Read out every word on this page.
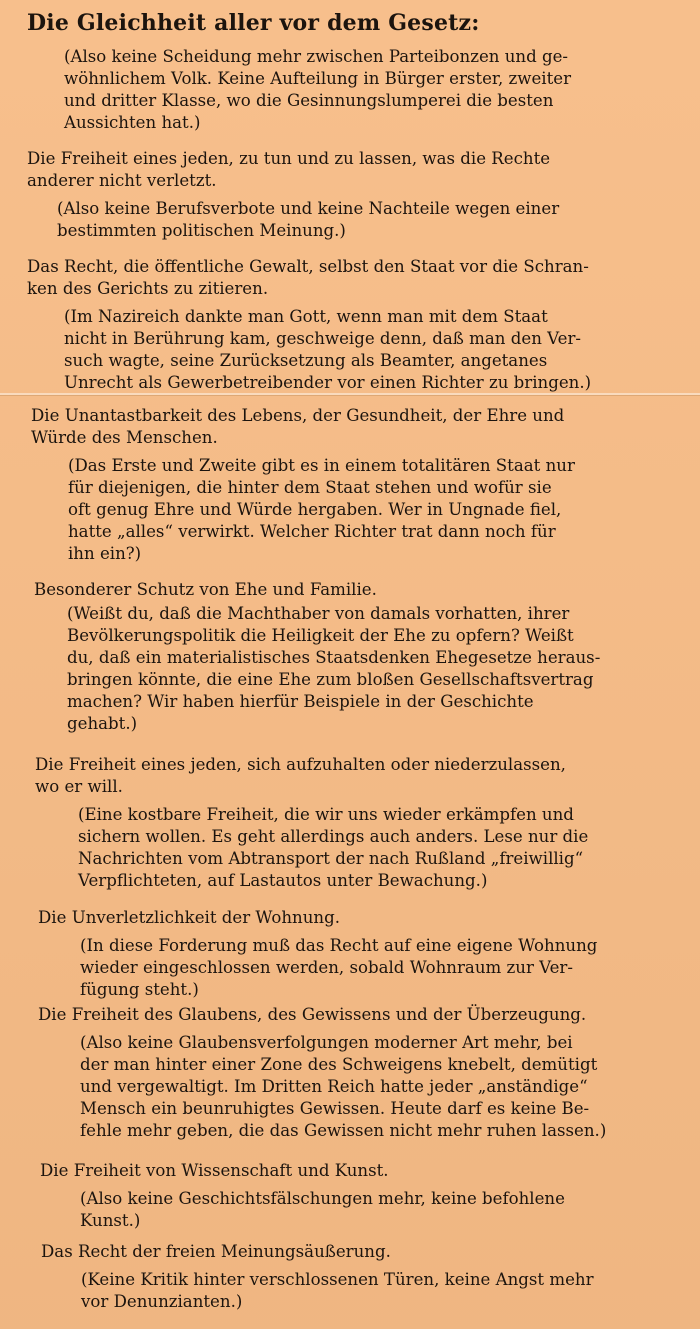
Die Gleichheit aller vor dem Gesetz:

(Also keine Scheidung mehr zwischen Parteibonzen und ge-
wöhnlichem Volk. Keine Aufteilung in Bürger erster, zweiter
und dritter Klasse, wo die Gesinnungslumperei die besten
Aussichten hat.)

Die Freiheit eines jeden, zu tun und zu lassen, was die Rechte
anderer nicht verletzt.

(Also keine Berufsverbote und keine Nachteile wegen einer
bestimmten politischen Meinung.)

Das Recht, die öffentliche Gewalt, selbst den Staat vor die Schran-
ken des Gerichts zu zitieren.

(Im Nazireich dankte man Gott, wenn man mit dem Staat
nicht in Berührung kam, geschweige denn, daß man den Ver-
such wagte, seine Zurücksetzung als Beamter, angetanes
Unrecht als Gewerbetreibender vor einen Richter zu bringen.)

Die Unantastbarkeit des Lebens, der Gesundheit, der Ehre und
Würde des Menschen.

(Das Erste und Zweite gibt es in einem totalitären Staat nur
für diejenigen, die hinter dem Staat stehen und wofür sie
oft genug Ehre und Würde hergaben. Wer in Ungnade fiel,
hatte „alles“ verwirkt. Welcher Richter trat dann noch für
ihn ein?)

Besonderer Schutz von Ehe und Familie.

(Weißt du, daß die Machthaber von damals vorhatten, ihrer
Bevölkerungspolitik die Heiligkeit der Ehe zu opfern? Weißt
du, daß ein materialistisches Staatsdenken Ehegesetze heraus-
bringen könnte, die eine Ehe zum bloßen Gesellschaftsvertrag
machen? Wir haben hierfür Beispiele in der Geschichte
gehabt.)

Die Freiheit eines jeden, sich aufzuhalten oder niederzulassen,
wo er will.

(Eine kostbare Freiheit, die wir uns wieder erkämpfen und
sichern wollen. Es geht allerdings auch anders. Lese nur die
Nachrichten vom Abtransport der nach Rußland „freiwillig“
Verpflichteten, auf Lastautos unter Bewachung.)

Die Unverletzlichkeit der Wohnung.

(In diese Forderung muß das Recht auf eine eigene Wohnung
wieder eingeschlossen werden, sobald Wohnraum zur Ver-
fügung steht.)

Die Freiheit des Glaubens, des Gewissens und der Überzeugung.

(Also keine Glaubensverfolgungen moderner Art mehr, bei
der man hinter einer Zone des Schweigens knebelt, demütigt
und vergewaltigt. Im Dritten Reich hatte jeder „anständige“
Mensch ein beunruhigtes Gewissen. Heute darf es keine Be-
fehle mehr geben, die das Gewissen nicht mehr ruhen lassen.)

Die Freiheit von Wissenschaft und Kunst.

(Also keine Geschichtsfälschungen mehr, keine befohlene
Kunst.)

Das Recht der freien Meinungsäußerung.

(Keine Kritik hinter verschlossenen Türen, keine Angst mehr
vor Denunzianten.)
